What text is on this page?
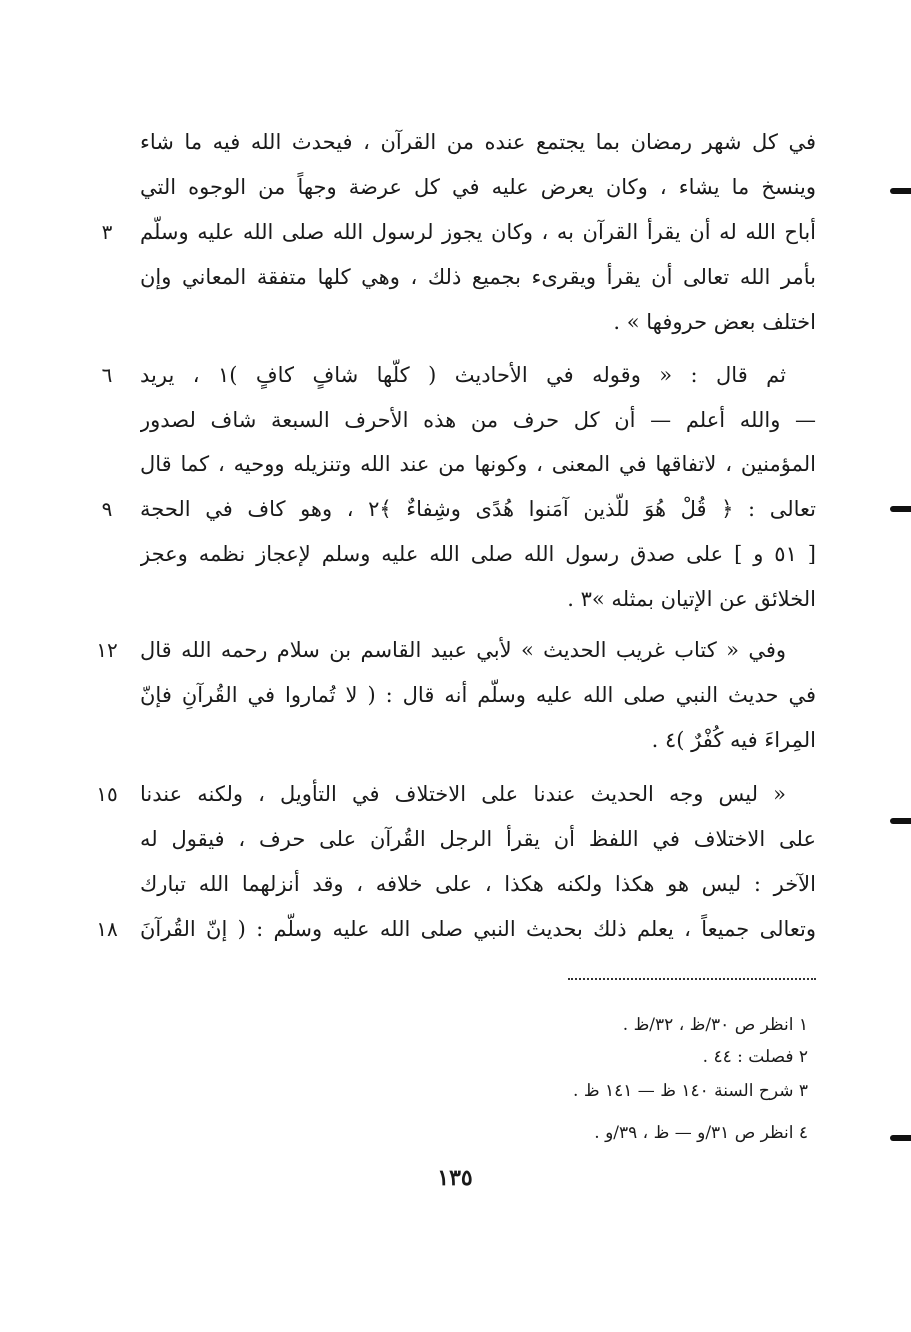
في كل شهر رمضان بما يجتمع عنده من القرآن ، فيحدث الله فيه ما شاء
وينسخ ما يشاء ، وكان يعرض عليه في كل عرضة وجهاً من الوجوه التي
أباح الله له أن يقرأ القرآن به ، وكان يجوز لرسول الله صلى الله عليه وسلّم
بأمر الله تعالى أن يقرأ ويقرىء بجميع ذلك ، وهي كلها متفقة المعاني وإن
اختلف بعض حروفها » .
ثم قال : « وقوله في الأحاديث ( كلّها شافٍ كافٍ )١ ، يريد
— والله أعلم — أن كل حرف من هذه الأحرف السبعة شاف لصدور
المؤمنين ، لاتفاقها في المعنى ، وكونها من عند الله وتنزيله ووحيه ، كما قال
تعالى : ﴿ قُلْ هُوَ للّذين آمَنوا هُدًى وشِفاءٌ ﴾٢ ، وهو كاف في الحجة
[ ٥١ و ] على صدق رسول الله صلى الله عليه وسلم لإعجاز نظمه وعجز
الخلائق عن الإتيان بمثله »٣ .
وفي « كتاب غريب الحديث » لأبي عبيد القاسم بن سلام رحمه الله قال
في حديث النبي صلى الله عليه وسلّم أنه قال : ( لا تُماروا في القُرآنِ فإنّ
المِراءَ فيه كُفْرٌ )٤ .
« ليس وجه الحديث عندنا على الاختلاف في التأويل ، ولكنه عندنا
على الاختلاف في اللفظ أن يقرأ الرجل القُرآن على حرف ، فيقول له
الآخر : ليس هو هكذا ولكنه هكذا ، على خلافه ، وقد أنزلهما الله تبارك
وتعالى جميعاً ، يعلم ذلك بحديث النبي صلى الله عليه وسلّم : ( إنّ القُرآنَ
٣
٦
٩
١٢
١٥
١٨
١ انظر ص ٣٠/ظ ، ٣٢/ظ .
٢ فصلت : ٤٤ .
٣ شرح السنة ١٤٠ ظ — ١٤١ ظ .
٤ انظر ص ٣١/و — ظ ، ٣٩/و .
١٣٥
